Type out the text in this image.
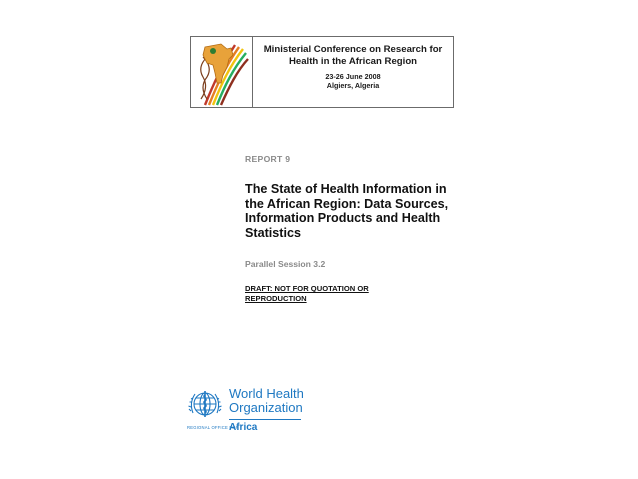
Ministerial Conference on Research for Health in the African Region
23-26 June 2008
Algiers, Algeria
REPORT 9
The State of Health Information in the African Region: Data Sources, Information Products and Health Statistics
Parallel Session 3.2
DRAFT: NOT FOR QUOTATION OR REPRODUCTION
World Health
Organization
REGIONAL OFFICE FOR
Africa
